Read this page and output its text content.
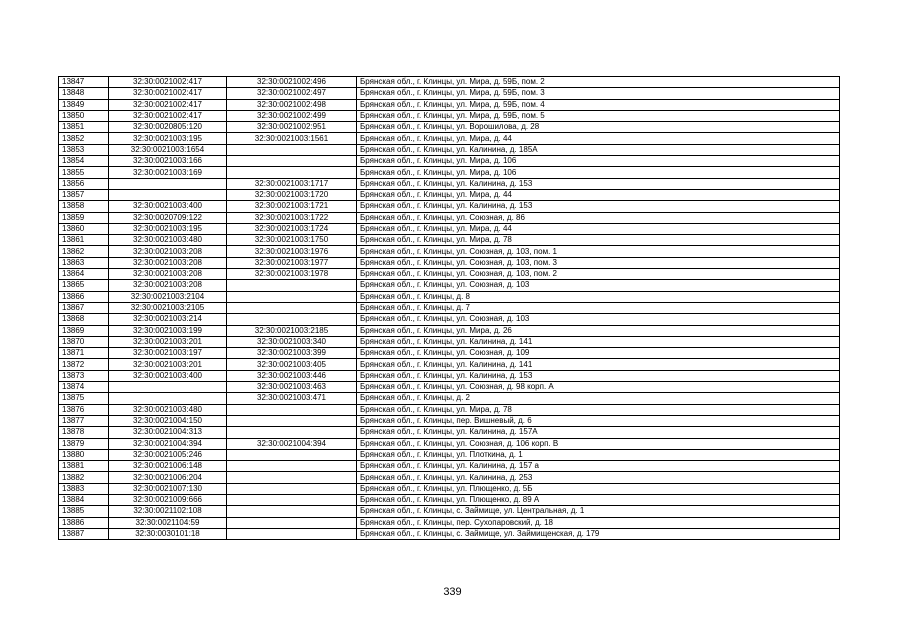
13847	32:30:0021002:417	32:30:0021002:496	Брянская обл., г. Клинцы, ул. Мира, д. 59Б, пом. 2
13848	32:30:0021002:417	32:30:0021002:497	Брянская обл., г. Клинцы, ул. Мира, д. 59Б, пом. 3
13849	32:30:0021002:417	32:30:0021002:498	Брянская обл., г. Клинцы, ул. Мира, д. 59Б, пом. 4
13850	32:30:0021002:417	32:30:0021002:499	Брянская обл., г. Клинцы, ул. Мира, д. 59Б, пом. 5
13851	32:30:0020805:120	32:30:0021002:951	Брянская обл., г. Клинцы, ул. Ворошилова, д. 28
13852	32:30:0021003:195	32:30:0021003:1561	Брянская обл., г. Клинцы, ул. Мира, д. 44
13853	32:30:0021003:1654		Брянская обл., г. Клинцы, ул. Калинина, д. 185А
13854	32:30:0021003:166		Брянская обл., г. Клинцы, ул. Мира, д. 106
13855	32:30:0021003:169		Брянская обл., г. Клинцы, ул. Мира, д. 106
13856		32:30:0021003:1717	Брянская обл., г. Клинцы, ул. Калинина, д. 153
13857		32:30:0021003:1720	Брянская обл., г. Клинцы, ул. Мира, д. 44
13858	32:30:0021003:400	32:30:0021003:1721	Брянская обл., г. Клинцы, ул. Калинина, д. 153
13859	32:30:0020709:122	32:30:0021003:1722	Брянская обл., г. Клинцы, ул. Союзная, д. 86
13860	32:30:0021003:195	32:30:0021003:1724	Брянская обл., г. Клинцы, ул. Мира, д. 44
13861	32:30:0021003:480	32:30:0021003:1750	Брянская обл., г. Клинцы, ул. Мира, д. 78
13862	32:30:0021003:208	32:30:0021003:1976	Брянская обл., г. Клинцы, ул. Союзная, д. 103, пом. 1
13863	32:30:0021003:208	32:30:0021003:1977	Брянская обл., г. Клинцы, ул. Союзная, д. 103, пом. 3
13864	32:30:0021003:208	32:30:0021003:1978	Брянская обл., г. Клинцы, ул. Союзная, д. 103, пом. 2
13865	32:30:0021003:208		Брянская обл., г. Клинцы, ул. Союзная, д. 103
13866	32:30:0021003:2104		Брянская обл., г. Клинцы, д. 8
13867	32:30:0021003:2105		Брянская обл., г. Клинцы, д. 7
13868	32:30:0021003:214		Брянская обл., г. Клинцы, ул. Союзная, д. 103
13869	32:30:0021003:199	32:30:0021003:2185	Брянская обл., г. Клинцы, ул. Мира, д. 26
13870	32:30:0021003:201	32:30:0021003:340	Брянская обл., г. Клинцы, ул. Калинина, д. 141
13871	32:30:0021003:197	32:30:0021003:399	Брянская обл., г. Клинцы, ул. Союзная, д. 109
13872	32:30:0021003:201	32:30:0021003:405	Брянская обл., г. Клинцы, ул. Калинина, д. 141
13873	32:30:0021003:400	32:30:0021003:446	Брянская обл., г. Клинцы, ул. Калинина, д. 153
13874		32:30:0021003:463	Брянская обл., г. Клинцы, ул. Союзная, д. 98 корп. А
13875		32:30:0021003:471	Брянская обл., г. Клинцы, д. 2
13876	32:30:0021003:480		Брянская обл., г. Клинцы, ул. Мира, д. 78
13877	32:30:0021004:150		Брянская обл., г. Клинцы, пер. Вишневый, д. 6
13878	32:30:0021004:313		Брянская обл., г. Клинцы, ул. Калинина, д. 157А
13879	32:30:0021004:394	32:30:0021004:394	Брянская обл., г. Клинцы, ул. Союзная, д. 106 корп. В
13880	32:30:0021005:246		Брянская обл., г. Клинцы, ул. Плоткина, д. 1
13881	32:30:0021006:148		Брянская обл., г. Клинцы, ул. Калинина, д. 157 а
13882	32:30:0021006:204		Брянская обл., г. Клинцы, ул. Калинина, д. 253
13883	32:30:0021007:130		Брянская обл., г. Клинцы, ул. Плющенко, д. 5Б
13884	32:30:0021009:666		Брянская обл., г. Клинцы, ул. Плющенко, д. 89 А
13885	32:30:0021102:108		Брянская обл., г. Клинцы, с. Займище, ул. Центральная, д. 1
13886	32:30:0021104:59		Брянская обл., г. Клинцы, пер. Сухопаровский, д. 18
13887	32:30:0030101:18		Брянская обл., г. Клинцы, с. Займище, ул. Займищенская, д. 179
339
